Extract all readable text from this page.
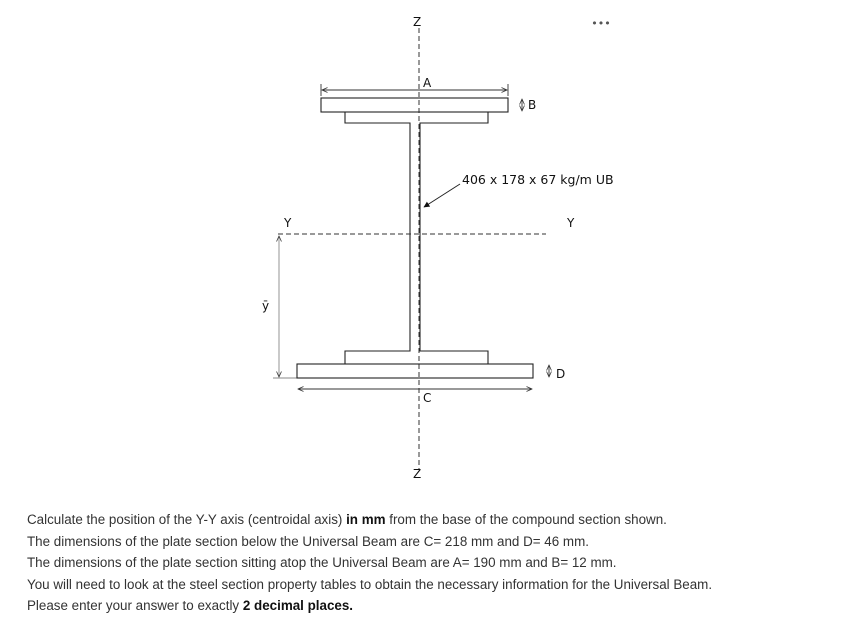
•••
Z
Z
A
B
406 x 178 x 67 kg/m UB
Y	Y
ȳ
D
C

Calculate the position of the Y-Y axis (centroidal axis) in mm from the base of the compound section shown.

The dimensions of the plate section below the Universal Beam are C= 218 mm and D= 46 mm.

The dimensions of the plate section sitting atop the Universal Beam are A= 190 mm and B= 12 mm.

You will need to look at the steel section property tables to obtain the necessary information for the Universal Beam.

Please enter your answer to exactly 2 decimal places.
